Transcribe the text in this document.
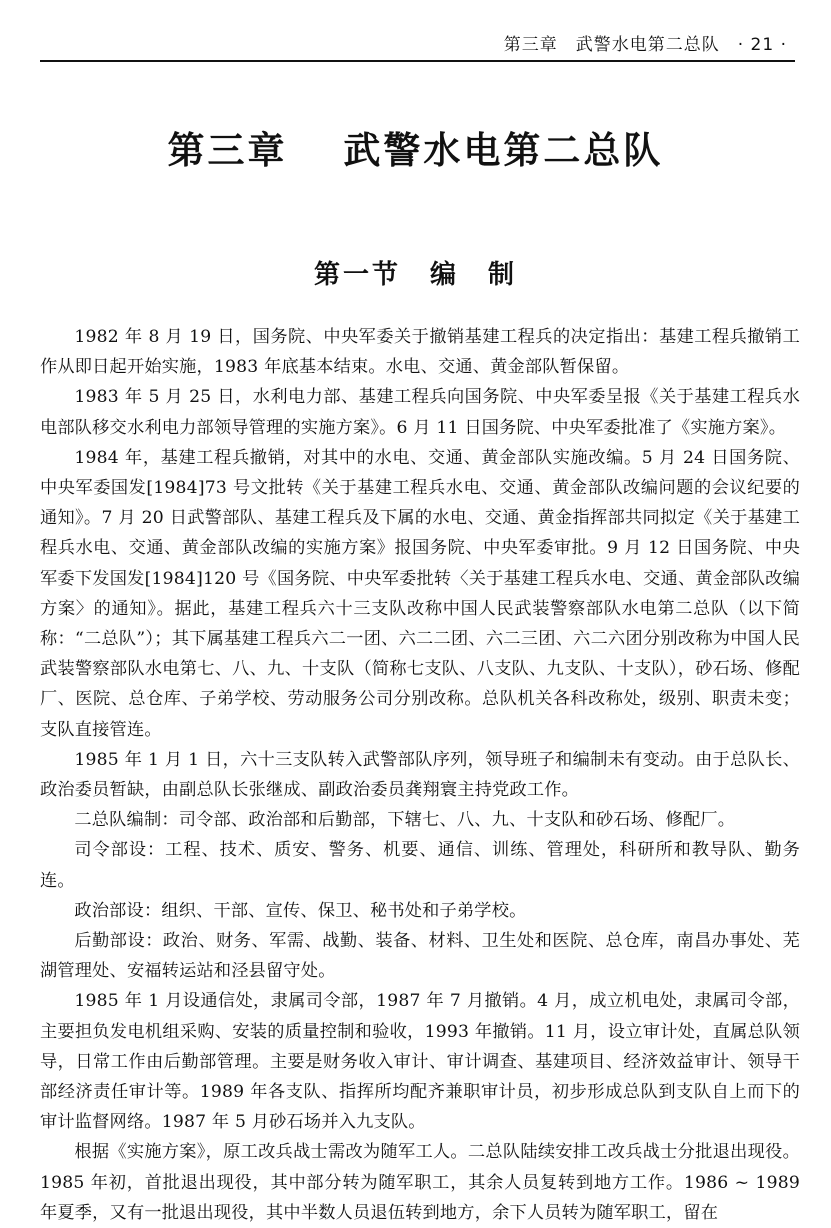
第三章　武警水电第二总队　· 21 ·
第三章　 武警水电第二总队
第一节　编　制

1982 年 8 月 19 日，国务院、中央军委关于撤销基建工程兵的决定指出：基建工程兵撤销工作从即日起开始实施，1983 年底基本结束。水电、交通、黄金部队暂保留。

1983 年 5 月 25 日，水利电力部、基建工程兵向国务院、中央军委呈报《关于基建工程兵水电部队移交水利电力部领导管理的实施方案》。6 月 11 日国务院、中央军委批准了《实施方案》。

1984 年，基建工程兵撤销，对其中的水电、交通、黄金部队实施改编。5 月 24 日国务院、中央军委国发[1984]73 号文批转《关于基建工程兵水电、交通、黄金部队改编问题的会议纪要的通知》。7 月 20 日武警部队、基建工程兵及下属的水电、交通、黄金指挥部共同拟定《关于基建工程兵水电、交通、黄金部队改编的实施方案》报国务院、中央军委审批。9 月 12 日国务院、中央军委下发国发[1984]120 号《国务院、中央军委批转〈关于基建工程兵水电、交通、黄金部队改编方案〉的通知》。据此，基建工程兵六十三支队改称中国人民武装警察部队水电第二总队（以下简称：“二总队”）；其下属基建工程兵六二一团、六二二团、六二三团、六二六团分别改称为中国人民武装警察部队水电第七、八、九、十支队（简称七支队、八支队、九支队、十支队），砂石场、修配厂、医院、总仓库、子弟学校、劳动服务公司分别改称。总队机关各科改称处，级别、职责未变；支队直接管连。

1985 年 1 月 1 日，六十三支队转入武警部队序列，领导班子和编制未有变动。由于总队长、政治委员暂缺，由副总队长张继成、副政治委员龚翔寰主持党政工作。

二总队编制：司令部、政治部和后勤部，下辖七、八、九、十支队和砂石场、修配厂。

司令部设：工程、技术、质安、警务、机要、通信、训练、管理处，科研所和教导队、勤务连。

政治部设：组织、干部、宣传、保卫、秘书处和子弟学校。

后勤部设：政治、财务、军需、战勤、装备、材料、卫生处和医院、总仓库，南昌办事处、芜湖管理处、安福转运站和泾县留守处。

1985 年 1 月设通信处，隶属司令部，1987 年 7 月撤销。4 月，成立机电处，隶属司令部，主要担负发电机组采购、安装的质量控制和验收，1993 年撤销。11 月，设立审计处，直属总队领导，日常工作由后勤部管理。主要是财务收入审计、审计调查、基建项目、经济效益审计、领导干部经济责任审计等。1989 年各支队、指挥所均配齐兼职审计员，初步形成总队到支队自上而下的审计监督网络。1987 年 5 月砂石场并入九支队。

根据《实施方案》，原工改兵战士需改为随军工人。二总队陆续安排工改兵战士分批退出现役。1985 年初，首批退出现役，其中部分转为随军职工，其余人员复转到地方工作。1986 ~ 1989 年夏季，又有一批退出现役，其中半数人员退伍转到地方，余下人员转为随军职工，留在
